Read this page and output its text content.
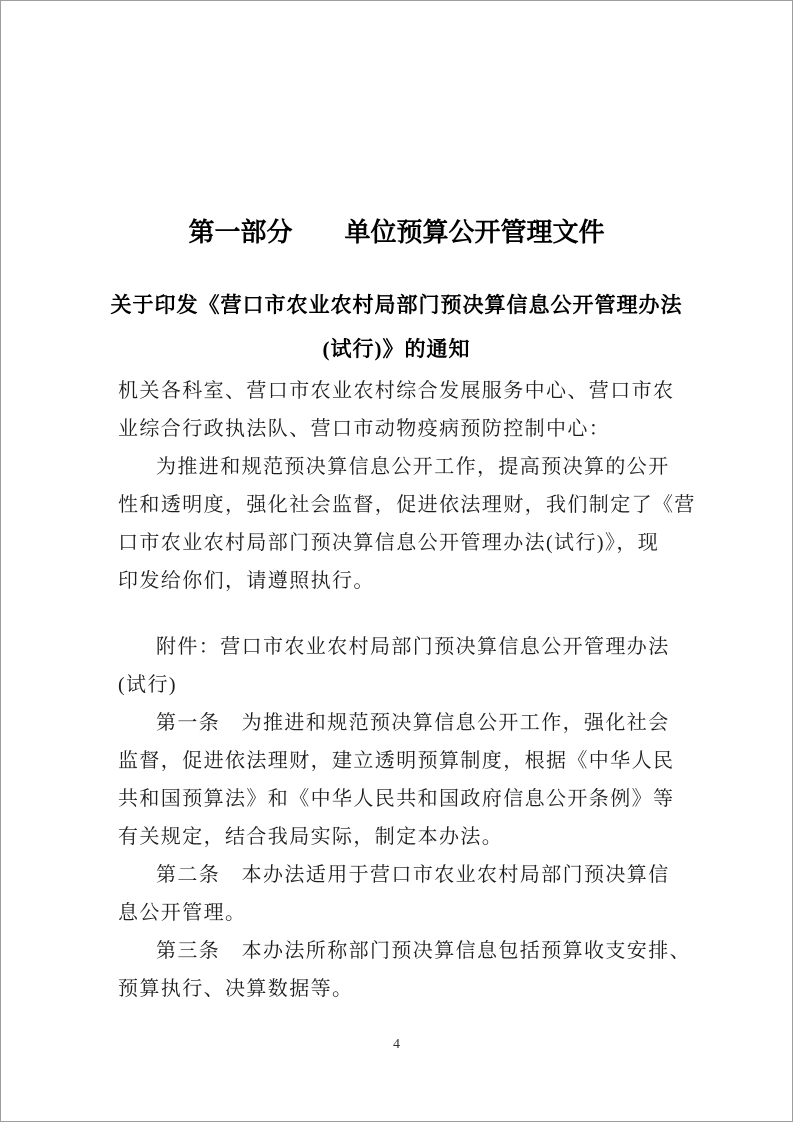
第一部分　　单位预算公开管理文件
关于印发《营口市农业农村局部门预决算信息公开管理办法
(试行)》的通知
机关各科室、营口市农业农村综合发展服务中心、营口市农
业综合行政执法队、营口市动物疫病预防控制中心：
为推进和规范预决算信息公开工作，提高预决算的公开
性和透明度，强化社会监督，促进依法理财，我们制定了《营
口市农业农村局部门预决算信息公开管理办法(试行)》，现
印发给你们，请遵照执行。
附件：营口市农业农村局部门预决算信息公开管理办法
(试行)
第一条　为推进和规范预决算信息公开工作，强化社会
监督，促进依法理财，建立透明预算制度，根据《中华人民
共和国预算法》和《中华人民共和国政府信息公开条例》等
有关规定，结合我局实际，制定本办法。
第二条　本办法适用于营口市农业农村局部门预决算信
息公开管理。
第三条　本办法所称部门预决算信息包括预算收支安排、
预算执行、决算数据等。
4
